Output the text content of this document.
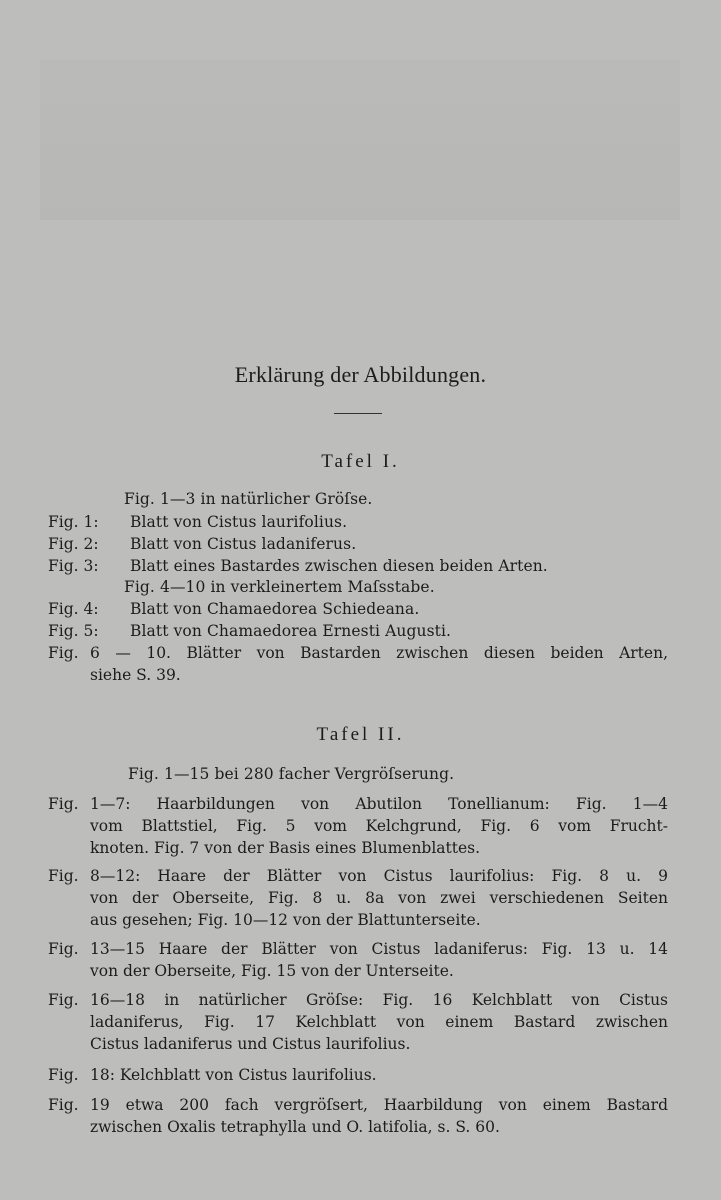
Erklärung der Abbildungen.
Tafel I.
Fig. 1—3 in natürlicher Gröſse.
Fig. 1: Blatt von Cistus laurifolius.
Fig. 2: Blatt von Cistus ladaniferus.
Fig. 3: Blatt eines Bastardes zwischen diesen beiden Arten.
Fig. 4—10 in verkleinertem Maſsstabe.
Fig. 4: Blatt von Chamaedorea Schiedeana.
Fig. 5: Blatt von Chamaedorea Ernesti Augusti.
Fig. 6 — 10. Blätter von Bastarden zwischen diesen beiden Arten,
siehe S. 39.
Tafel II.
Fig. 1—15 bei 280 facher Vergröſserung.
Fig. 1—7: Haarbildungen von Abutilon Tonellianum: Fig. 1—4
vom Blattstiel, Fig. 5 vom Kelchgrund, Fig. 6 vom Frucht-
knoten. Fig. 7 von der Basis eines Blumenblattes.
Fig. 8—12: Haare der Blätter von Cistus laurifolius: Fig. 8 u. 9
von der Oberseite, Fig. 8 u. 8a von zwei verschiedenen Seiten
aus gesehen; Fig. 10—12 von der Blattunterseite.
Fig. 13—15 Haare der Blätter von Cistus ladaniferus: Fig. 13 u. 14
von der Oberseite, Fig. 15 von der Unterseite.
Fig. 16—18 in natürlicher Gröſse: Fig. 16 Kelchblatt von Cistus
ladaniferus, Fig. 17 Kelchblatt von einem Bastard zwischen
Cistus ladaniferus und Cistus laurifolius.
Fig. 18: Kelchblatt von Cistus laurifolius.
Fig. 19 etwa 200 fach vergröſsert, Haarbildung von einem Bastard
zwischen Oxalis tetraphylla und O. latifolia, s. S. 60.
